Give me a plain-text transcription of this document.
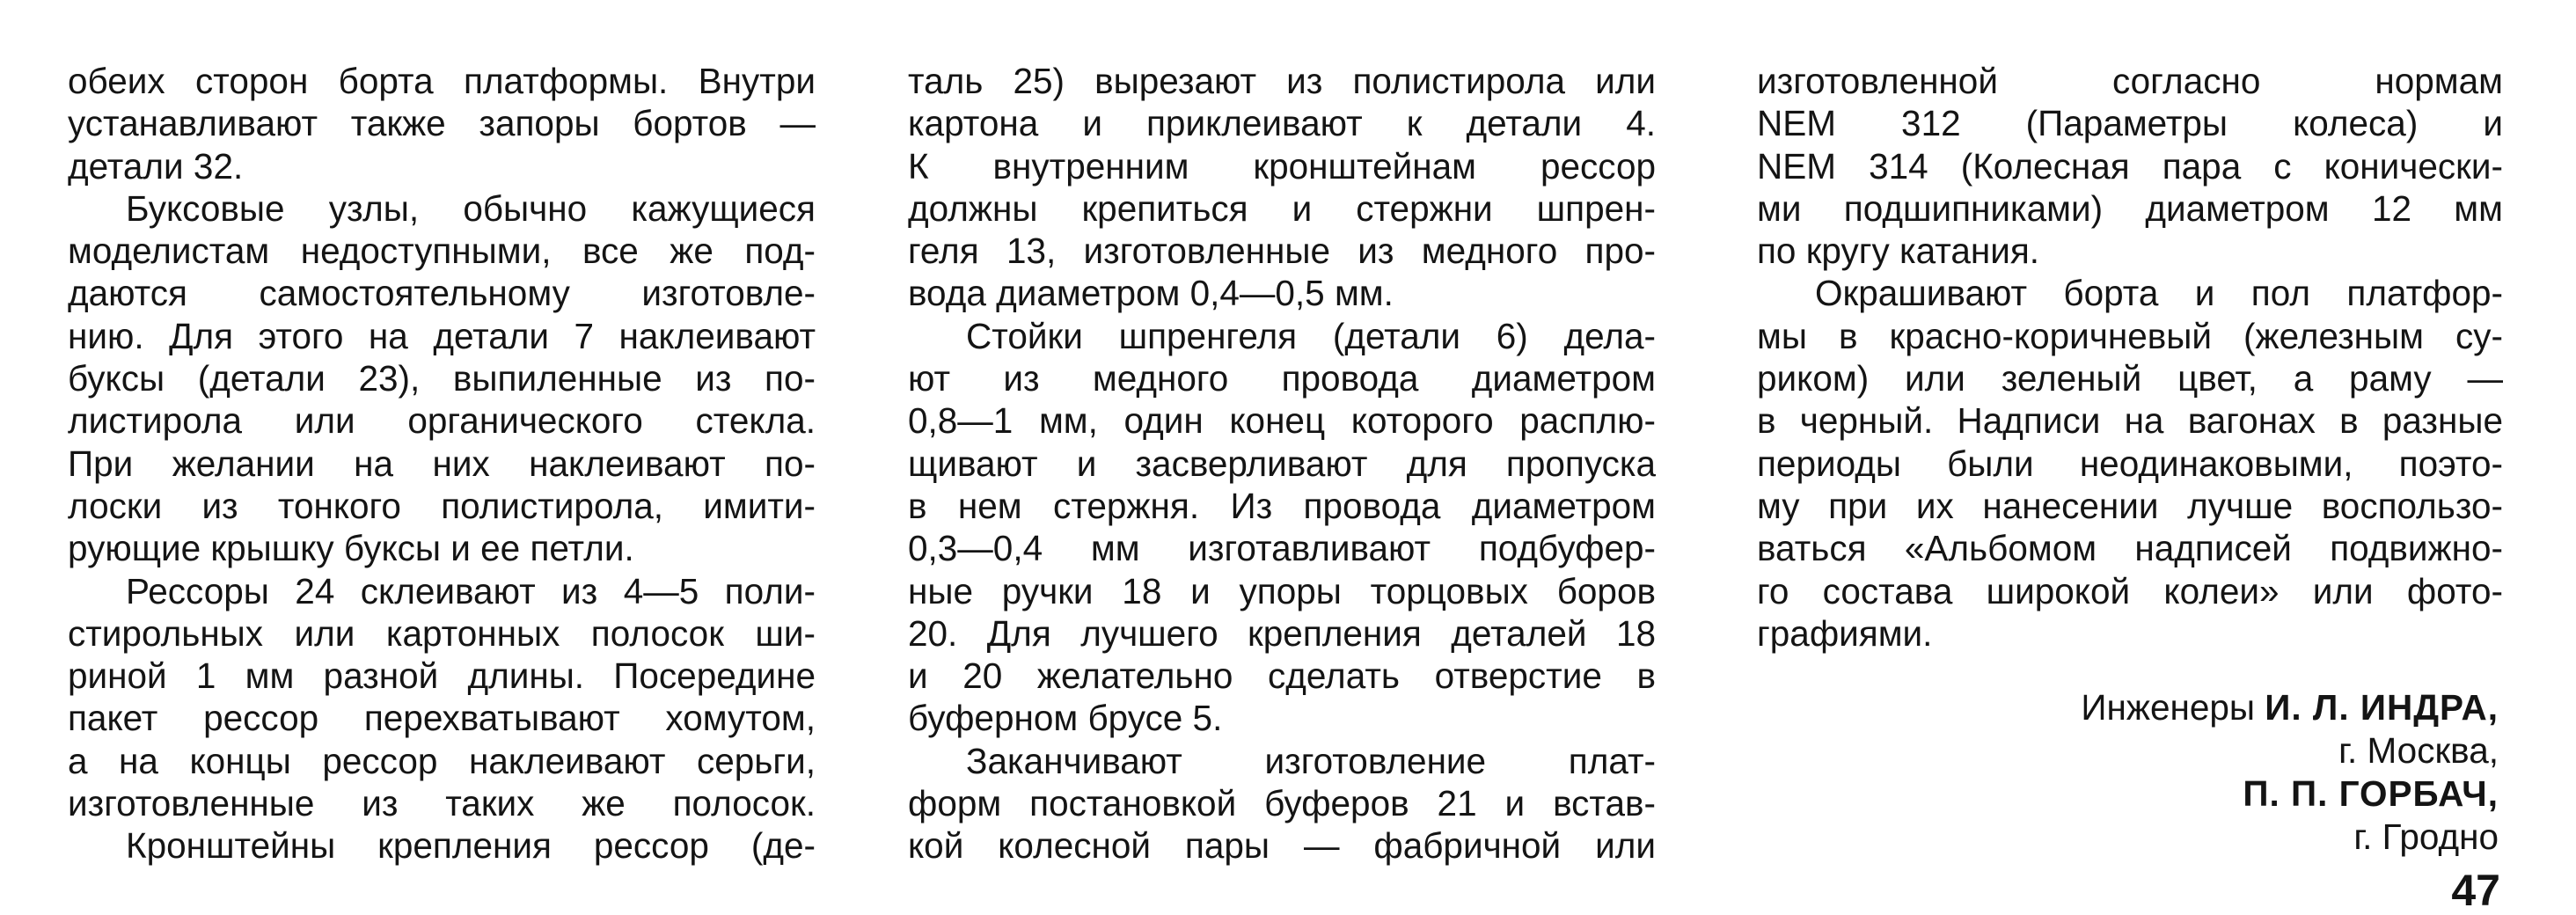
обеих сторон борта платформы. Внутри
устанавливают также запоры бортов —
детали 32.
Буксовые узлы, обычно кажущиеся
моделистам недоступными, все же под-
даются самостоятельному изготовле-
нию. Для этого на детали 7 наклеивают
буксы (детали 23), выпиленные из по-
листирола или органического стекла.
При желании на них наклеивают по-
лоски из тонкого полистирола, имити-
рующие крышку буксы и ее петли.
Рессоры 24 склеивают из 4—5 поли-
стирольных или картонных полосок ши-
риной 1 мм разной длины. Посередине
пакет рессор перехватывают хомутом,
а на концы рессор наклеивают серьги,
изготовленные из таких же полосок.
Кронштейны крепления рессор (де-
таль 25) вырезают из полистирола или
картона и приклеивают к детали 4.
К внутренним кронштейнам рессор
должны крепиться и стержни шпрен-
геля 13, изготовленные из медного про-
вода диаметром 0,4—0,5 мм.
Стойки шпренгеля (детали 6) дела-
ют из медного провода диаметром
0,8—1 мм, один конец которого расплю-
щивают и засверливают для пропуска
в нем стержня. Из провода диаметром
0,3—0,4 мм изготавливают подбуфер-
ные ручки 18 и упоры торцовых боров
20. Для лучшего крепления деталей 18
и 20 желательно сделать отверстие в
буферном брусе 5.
Заканчивают изготовление плат-
форм постановкой буферов 21 и встав-
кой колесной пары — фабричной или
изготовленной согласно нормам
NEM 312 (Параметры колеса) и
NEM 314 (Колесная пара с конически-
ми подшипниками) диаметром 12 мм
по кругу катания.
Окрашивают борта и пол платфор-
мы в красно-коричневый (железным су-
риком) или зеленый цвет, а раму —
в черный. Надписи на вагонах в разные
периоды были неодинаковыми, поэто-
му при их нанесении лучше воспользо-
ваться «Альбомом надписей подвижно-
го состава широкой колеи» или фото-
графиями.
Инженеры И. Л. ИНДРА,
г. Москва,
П. П. ГОРБАЧ,
г. Гродно
47
